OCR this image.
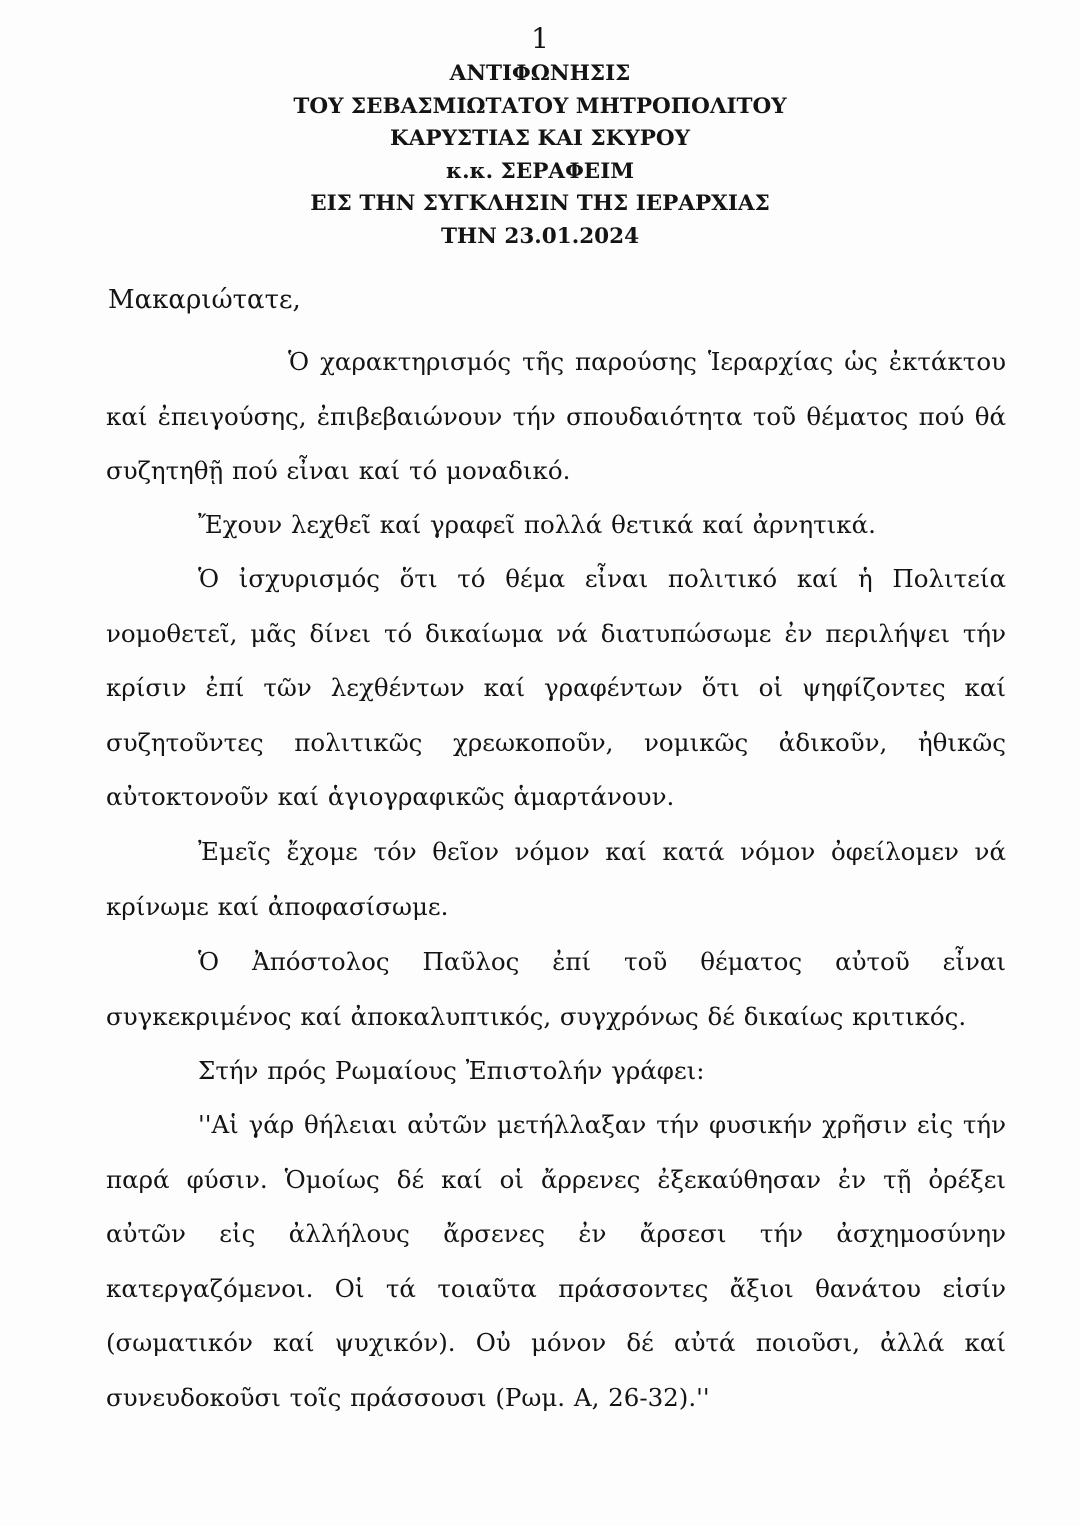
1
ΑΝΤΙΦΩΝΗΣΙΣ
ΤΟΥ ΣΕΒΑΣΜΙΩΤΑΤΟΥ ΜΗΤΡΟΠΟΛΙΤΟΥ
ΚΑΡΥΣΤΙΑΣ ΚΑΙ ΣΚΥΡΟΥ
κ.κ. ΣΕΡΑΦΕΙΜ
ΕΙΣ ΤΗΝ ΣΥΓΚΛΗΣΙΝ ΤΗΣ ΙΕΡΑΡΧΙΑΣ
ΤΗΝ 23.01.2024

Μακαριώτατε,

Ὁ χαρακτηρισμός τῆς παρούσης Ἱεραρχίας ὡς ἐκτάκτου καί ἐπειγούσης, ἐπιβεβαιώνουν τήν σπουδαιότητα τοῦ θέματος πού θά συζητηθῇ πού εἶναι καί τό μοναδικό.

Ἔχουν λεχθεῖ καί γραφεῖ πολλά θετικά καί ἀρνητικά.

Ὁ ἰσχυρισμός ὅτι τό θέμα εἶναι πολιτικό καί ἡ Πολιτεία νομοθετεῖ, μᾶς δίνει τό δικαίωμα νά διατυπώσωμε ἐν περιλήψει τήν κρίσιν ἐπί τῶν λεχθέντων καί γραφέντων ὅτι οἱ ψηφίζοντες καί συζητοῦντες πολιτικῶς χρεωκοποῦν, νομικῶς ἀδικοῦν, ἠθικῶς αὐτοκτονοῦν καί ἁγιογραφικῶς ἁμαρτάνουν.

Ἐμεῖς ἔχομε τόν θεῖον νόμον καί κατά νόμον ὀφείλομεν νά κρίνωμε καί ἀποφασίσωμε.

Ὁ Ἀπόστολος Παῦλος ἐπί τοῦ θέματος αὐτοῦ εἶναι συγκεκριμένος καί ἀποκαλυπτικός, συγχρόνως δέ δικαίως κριτικός.

Στήν πρός Ρωμαίους Ἐπιστολήν γράφει:

''Αἱ γάρ θήλειαι αὐτῶν μετήλλαξαν τήν φυσικήν χρῆσιν εἰς τήν παρά φύσιν. Ὁμοίως δέ καί οἱ ἄρρενες ἐξεκαύθησαν ἐν τῇ ὀρέξει αὐτῶν εἰς ἀλλήλους ἄρσενες ἐν ἄρσεσι τήν ἀσχημοσύνην κατεργαζόμενοι. Οἱ τά τοιαῦτα πράσσοντες ἄξιοι θανάτου εἰσίν (σωματικόν καί ψυχικόν). Οὐ μόνον δέ αὐτά ποιοῦσι, ἀλλά καί συνευδοκοῦσι τοῖς πράσσουσι (Ρωμ. Α, 26-32).''
